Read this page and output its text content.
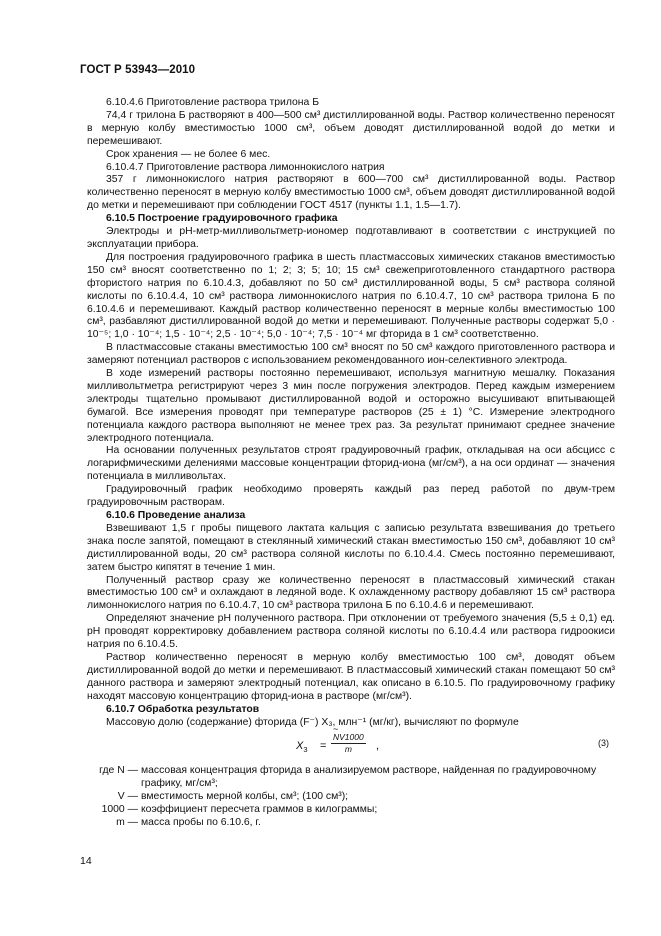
ГОСТ Р 53943—2010

6.10.4.6 Приготовление раствора трилона Б

74,4 г трилона Б растворяют в 400—500 см³ дистиллированной воды. Раствор количественно переносят в мерную колбу вместимостью 1000 см³, объем доводят дистиллированной водой до метки и перемешивают.

Срок хранения — не более 6 мес.

6.10.4.7 Приготовление раствора лимоннокислого натрия

357 г лимоннокислого натрия растворяют в 600—700 см³ дистиллированной воды. Раствор количественно переносят в мерную колбу вместимостью 1000 см³, объем доводят дистиллированной водой до метки и перемешивают при соблюдении ГОСТ 4517 (пункты 1.1, 1.5—1.7).

6.10.5 Построение градуировочного графика

Электроды и pH-метр-милливольтметр-иономер подготавливают в соответствии с инструкцией по эксплуатации прибора.

Для построения градуировочного графика в шесть пластмассовых химических стаканов вместимостью 150 см³ вносят соответственно по 1; 2; 3; 5; 10; 15 см³ свежеприготовленного стандартного раствора фтористого натрия по 6.10.4.3, добавляют по 50 см³ дистиллированной воды, 5 см³ раствора соляной кислоты по 6.10.4.4, 10 см³ раствора лимоннокислого натрия по 6.10.4.7, 10 см³ раствора трилона Б по 6.10.4.6 и перемешивают. Каждый раствор количественно переносят в мерные колбы вместимостью 100 см³, разбавляют дистиллированной водой до метки и перемешивают. Полученные растворы содержат 5,0 · 10⁻⁵; 1,0 · 10⁻⁴; 1,5 · 10⁻⁴; 2,5 · 10⁻⁴; 5,0 · 10⁻⁴; 7,5 · 10⁻⁴ мг фторида в 1 см³ соответственно.

В пластмассовые стаканы вместимостью 100 см³ вносят по 50 см³ каждого приготовленного раствора и замеряют потенциал растворов с использованием рекомендованного ион-селективного электрода.

В ходе измерений растворы постоянно перемешивают, используя магнитную мешалку. Показания милливольтметра регистрируют через 3 мин после погружения электродов. Перед каждым измерением электроды тщательно промывают дистиллированной водой и осторожно высушивают впитывающей бумагой. Все измерения проводят при температуре растворов (25 ± 1) °С. Измерение электродного потенциала каждого раствора выполняют не менее трех раз. За результат принимают среднее значение электродного потенциала.

На основании полученных результатов строят градуировочный график, откладывая на оси абсцисс с логарифмическими делениями массовые концентрации фторид-иона (мг/см³), а на оси ординат — значения потенциала в милливольтах.

Градуировочный график необходимо проверять каждый раз перед работой по двум-трем градуировочным растворам.

6.10.6 Проведение анализа

Взвешивают 1,5 г пробы пищевого лактата кальция с записью результата взвешивания до третьего знака после запятой, помещают в стеклянный химический стакан вместимостью 150 см³, добавляют 10 см³ дистиллированной воды, 20 см³ раствора соляной кислоты по 6.10.4.4. Смесь постоянно перемешивают, затем быстро кипятят в течение 1 мин.

Полученный раствор сразу же количественно переносят в пластмассовый химический стакан вместимостью 100 см³ и охлаждают в ледяной воде. К охлажденному раствору добавляют 15 см³ раствора лимоннокислого натрия по 6.10.4.7, 10 см³ раствора трилона Б по 6.10.4.6 и перемешивают.

Определяют значение pH полученного раствора. При отклонении от требуемого значения (5,5 ± 0,1) ед. pH проводят корректировку добавлением раствора соляной кислоты по 6.10.4.4 или раствора гидроокиси натрия по 6.10.4.5.

Раствор количественно переносят в мерную колбу вместимостью 100 см³, доводят объем дистиллированной водой до метки и перемешивают. В пластмассовый химический стакан помещают 50 см³ данного раствора и замеряют электродный потенциал, как описано в 6.10.5. По градуировочному графику находят массовую концентрацию фторид-иона в растворе (мг/см³).

6.10.7 Обработка результатов

Массовую долю (содержание) фторида (F⁻) X₃, млн⁻¹ (мг/кг), вычисляют по формуле

$X_3$ =
~ $\frac{NV1000}{m}$ ,	(3)
где N — массовая концентрация фторида в анализируемом растворе, найденная по градуировочному графику, мг/см³;
V — вместимость мерной колбы, см³; (100 см³);
1000 — коэффициент пересчета граммов в килограммы;
m — масса пробы по 6.10.6, г.
14
